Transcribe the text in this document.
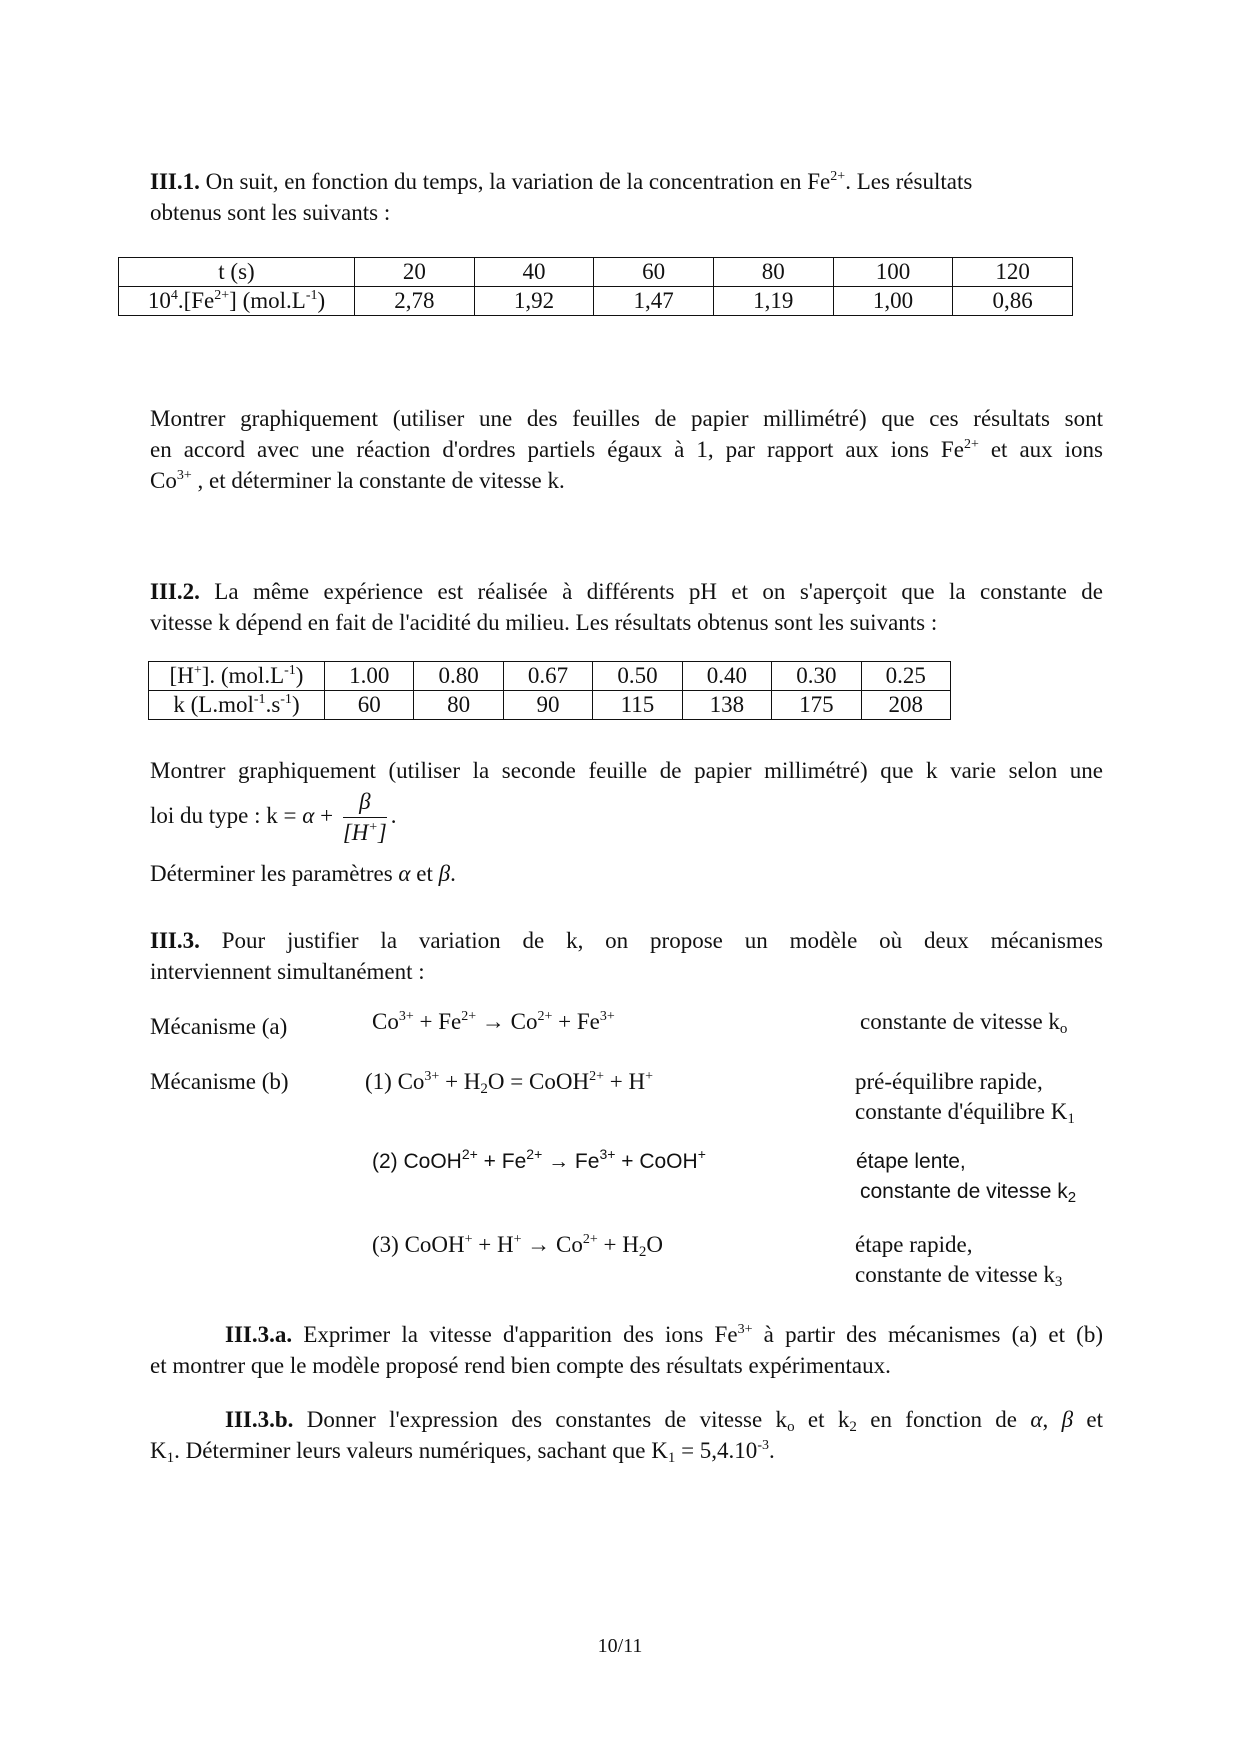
III.1. On suit, en fonction du temps, la variation de la concentration en $Fe^{2+}$. Les résultats
obtenus sont les suivants :
t (s)	20	40	60	80	100	120
$10^4.[Fe^{2+}]$ $(mol.L^{-1})$	2,78	1,92	1,47	1,19	1,00	0,86
Montrer graphiquement (utiliser une des feuilles de papier millimétré) que ces résultats sont
en accord avec une réaction d'ordres partiels égaux à 1, par rapport aux ions $Fe^{2+}$ et aux ions
$Co^{3+}$ , et déterminer la constante de vitesse k.
III.2. La même expérience est réalisée à différents pH et on s'aperçoit que la constante de
vitesse k dépend en fait de l'acidité du milieu. Les résultats obtenus sont les suivants :
[H+]. $(mol.L^{-1})$	1.00	0.80	0.67	0.50	0.40	0.30	0.25
k $(L.mol^{-1}.s^{-1})$	60	80	90	115	138	175	208
Montrer graphiquement (utiliser la seconde feuille de papier millimétré) que k varie selon une
loi du type : $k = \alpha + \frac{\beta}{[H^+]}$ .
Déterminer les paramètres α et β.
III.3. Pour justifier la variation de k, on propose un modèle où deux mécanismes
interviennent simultanément :
Mécanisme (a)	$Co^{3+} + Fe^{2+} \to Co^{2+} + Fe^{3+}$	constante de vitesse $k_o$
Mécanisme (b)	(1) $Co^{3+} + H_2O$ = CoOH$^{2+}$ + H+	pré-équilibre rapide,
constante d'équilibre $K_1$
(2) CoOH$^{2+}$ + $Fe^{2+} \to Fe^{3+}$ + CoOH+	étape lente,
constante de vitesse $k_2$
(3) CoOH+ + $H^+ \to Co^{2+} + H_2O$	étape rapide,
constante de vitesse $k_3$
III.3.a. Exprimer la vitesse d'apparition des ions $Fe^{3+}$ à partir des mécanismes (a) et (b)
et montrer que le modèle proposé rend bien compte des résultats expérimentaux.
III.3.b. Donner l'expression des constantes de vitesse $k_o$ et $k_2$ en fonction de α, β et
$K_1$. Déterminer leurs valeurs numériques, sachant que $K_1 = 5,4.10^{-3}$.
10/11
